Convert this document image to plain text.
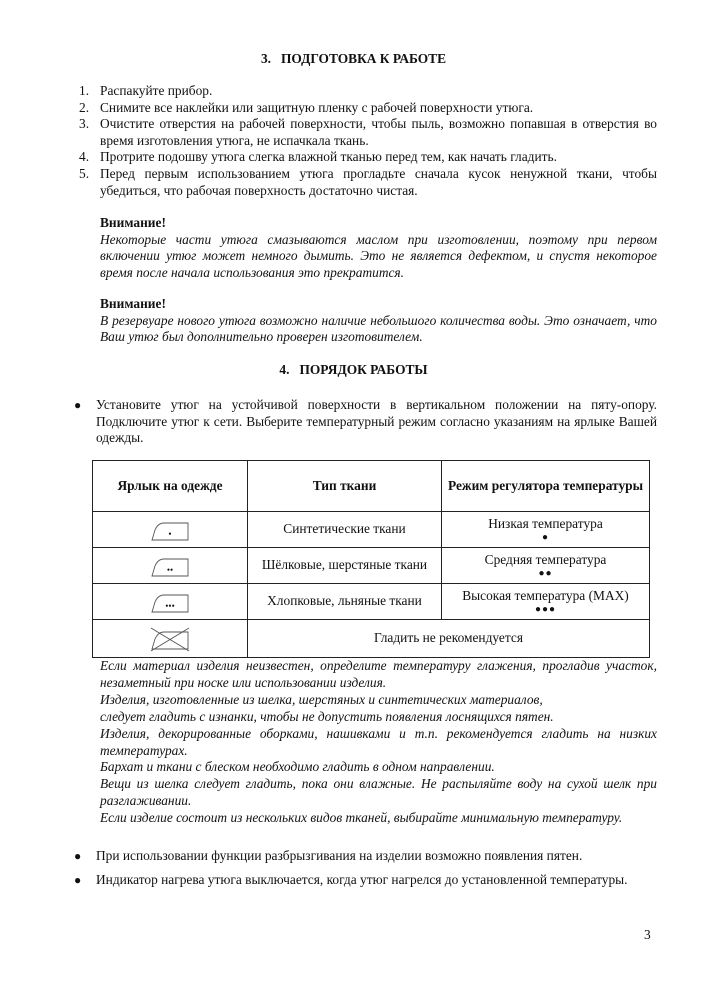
3. ПОДГОТОВКА К РАБОТЕ
1. Распакуйте прибор.
2. Снимите все наклейки или защитную пленку с рабочей поверхности утюга.
3. Очистите отверстия на рабочей поверхности, чтобы пыль, возможно попавшая в отверстия во время изготовления утюга, не испачкала ткань.
4. Протрите подошву утюга слегка влажной тканью перед тем, как начать гладить.
5. Перед первым использованием утюга прогладьте сначала кусок ненужной ткани, чтобы убедиться, что рабочая поверхность достаточно чистая.
Внимание!
Некоторые части утюга смазываются маслом при изготовлении, поэтому при первом включении утюг может немного дымить. Это не является дефектом, и спустя некоторое время после начала использования это прекратится.
Внимание!
В резервуаре нового утюга возможно наличие небольшого количества воды. Это означает, что Ваш утюг был дополнительно проверен изготовителем.
4. ПОРЯДОК РАБОТЫ
● Установите утюг на устойчивой поверхности в вертикальном положении на пяту-опору. Подключите утюг к сети. Выберите температурный режим согласно указаниям на ярлыке Вашей одежды.
Ярлык на одежде	Тип ткани	Режим регулятора температуры

•	Синтетические ткани	Низкая температура
●

••	Шёлковые, шерстяные ткани	Средняя температура
●●

•••	Хлопковые, льняные ткани	Высокая температура (MAX)
●●●

	Гладить не рекомендуется	

Если материал изделия неизвестен, определите температуру глажения, прогладив участок, незаметный при носке или использовании изделия.

Изделия, изготовленные из шелка, шерстяных и синтетических материалов,

следует гладить с изнанки, чтобы не допустить появления лоснящихся пятен.

Изделия, декорированные оборками, нашивками и т.п. рекомендуется гладить на низких температурах.

Бархат и ткани с блеском необходимо гладить в одном направлении.

Вещи из шелка следует гладить, пока они влажные. Не распыляйте воду на сухой шелк при разглаживании.

Если изделие состоит из нескольких видов тканей, выбирайте минимальную температуру.

● При использовании функции разбрызгивания на изделии возможно появления пятен.
● Индикатор нагрева утюга выключается, когда утюг нагрелся до установленной температуры.
3
